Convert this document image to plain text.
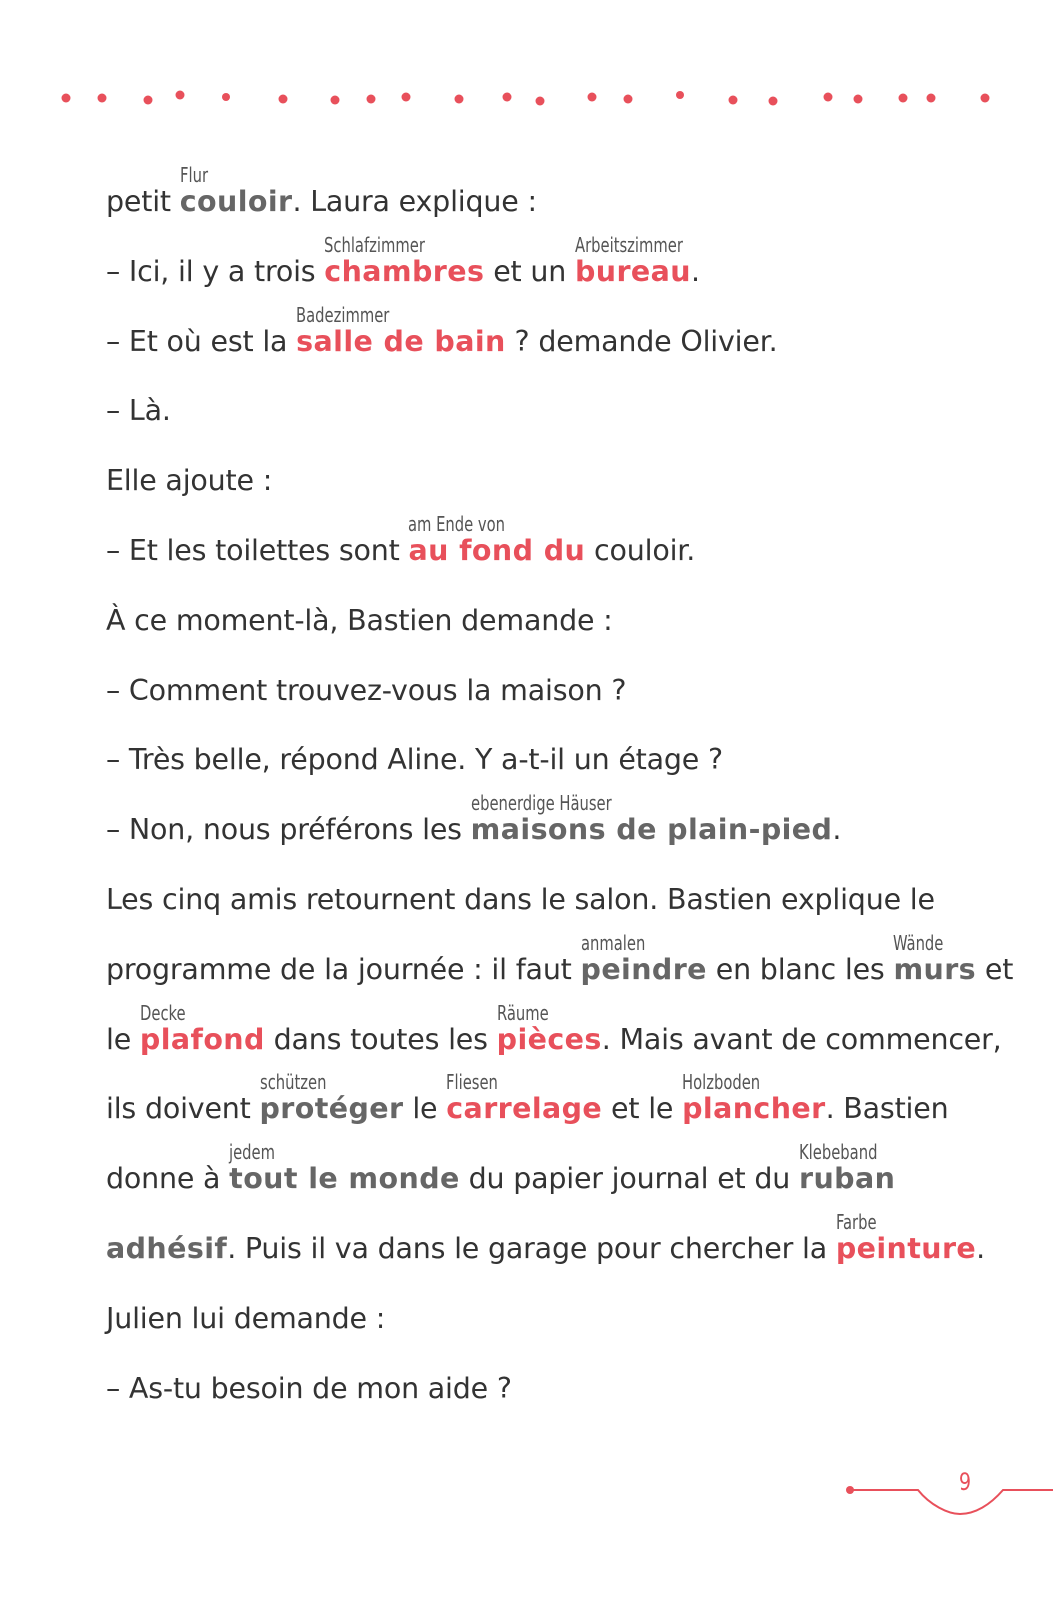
petit couloir
Flur
. Laura explique :
– Ici, il y a trois chambres
Schlafzimmer
et un bureau
Arbeitszimmer
.
– Et où est la salle de bain
Badezimmer
? demande Olivier.
– Là.
Elle ajoute :
– Et les toilettes sont au fond du
am Ende von
couloir.
À ce moment-là, Bastien demande :
– Comment trouvez-vous la maison ?
– Très belle, répond Aline. Y a-t-il un étage ?
– Non, nous préférons les maisons de plain-pied
ebenerdige Häuser
.
Les cinq amis retournent dans le salon. Bastien explique le
programme de la journée : il faut peindre
anmalen
en blanc les murs
Wände
et
le plafond
Decke
dans toutes les pièces
Räume
. Mais avant de commencer,
ils doivent protéger
schützen
le carrelage
Fliesen
et le plancher
Holzboden
. Bastien
donne à tout le monde
jedem
du papier journal et du ruban
Klebeband
adhésif. Puis il va dans le garage pour chercher la peinture
Farbe
.
Julien lui demande :
– As-tu besoin de mon aide ?
9
